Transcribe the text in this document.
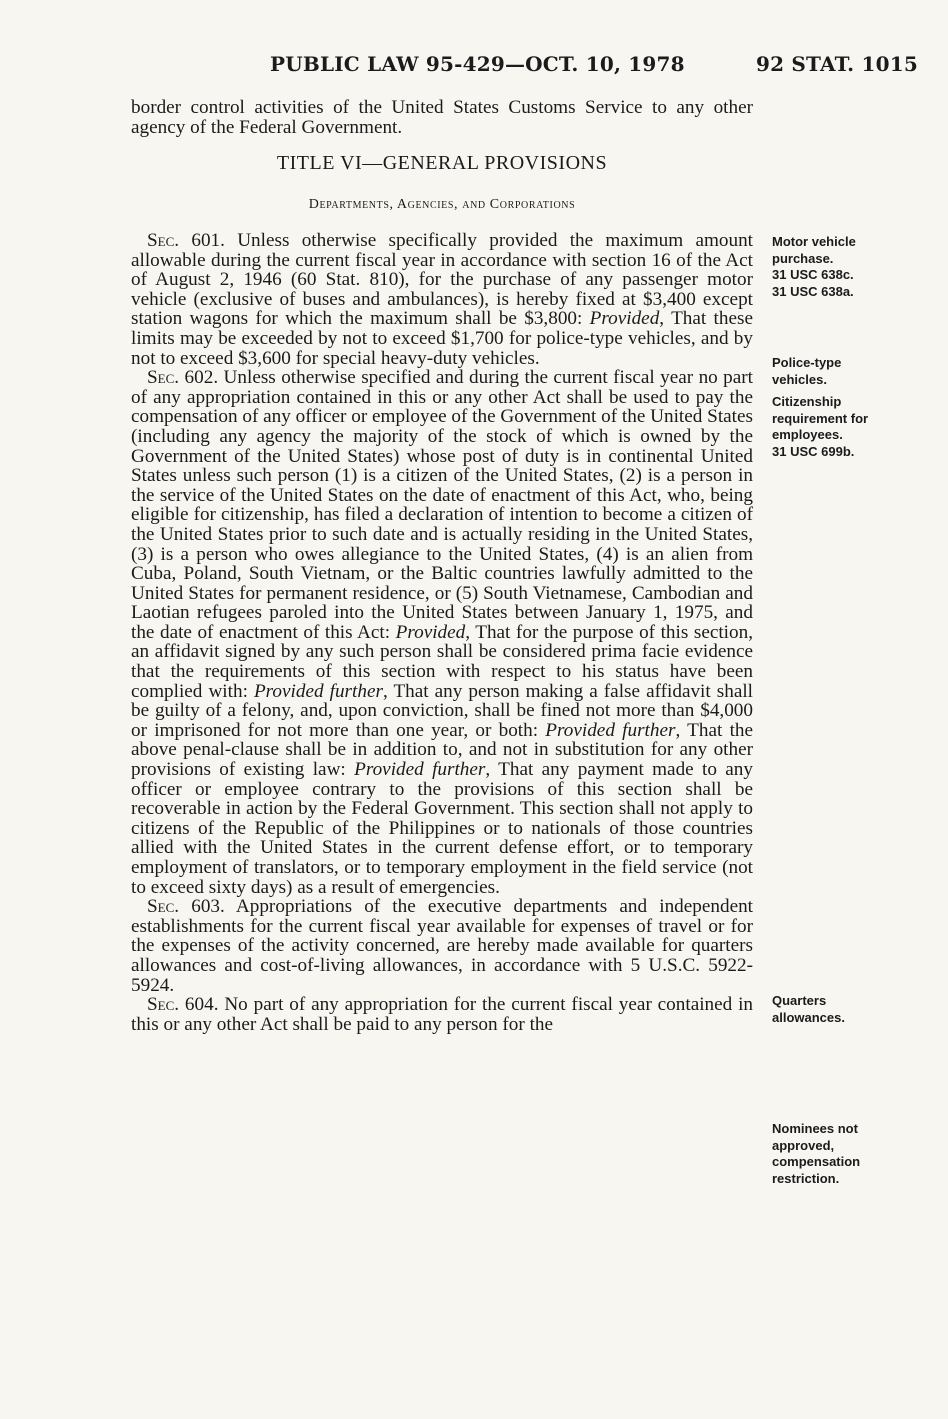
PUBLIC LAW 95-429—OCT. 10, 1978	92 STAT. 1015

border control activities of the United States Customs Service to any other agency of the Federal Government.

TITLE VI—GENERAL PROVISIONS
Departments, Agencies, and Corporations

Sec. 601. Unless otherwise specifically provided the maximum amount allowable during the current fiscal year in accordance with section 16 of the Act of August 2, 1946 (60 Stat. 810), for the purchase of any passenger motor vehicle (exclusive of buses and ambulances), is hereby fixed at $3,400 except station wagons for which the maximum shall be $3,800: Provided, That these limits may be exceeded by not to exceed $1,700 for police-type vehicles, and by not to exceed $3,600 for special heavy-duty vehicles.

Sec. 602. Unless otherwise specified and during the current fiscal year no part of any appropriation contained in this or any other Act shall be used to pay the compensation of any officer or employee of the Government of the United States (including any agency the majority of the stock of which is owned by the Government of the United States) whose post of duty is in continental United States unless such person (1) is a citizen of the United States, (2) is a person in the service of the United States on the date of enactment of this Act, who, being eligible for citizenship, has filed a declaration of intention to become a citizen of the United States prior to such date and is actually residing in the United States, (3) is a person who owes allegiance to the United States, (4) is an alien from Cuba, Poland, South Vietnam, or the Baltic countries lawfully admitted to the United States for permanent residence, or (5) South Vietnamese, Cambodian and Laotian refugees paroled into the United States between January 1, 1975, and the date of enactment of this Act: Provided, That for the purpose of this section, an affidavit signed by any such person shall be considered prima facie evidence that the requirements of this section with respect to his status have been complied with: Provided further, That any person making a false affidavit shall be guilty of a felony, and, upon conviction, shall be fined not more than $4,000 or imprisoned for not more than one year, or both: Provided further, That the above penal-clause shall be in addition to, and not in substitution for any other provisions of existing law: Provided further, That any payment made to any officer or employee contrary to the provisions of this section shall be recoverable in action by the Federal Government. This section shall not apply to citizens of the Republic of the Philippines or to nationals of those countries allied with the United States in the current defense effort, or to temporary employment of translators, or to temporary employment in the field service (not to exceed sixty days) as a result of emergencies.

Sec. 603. Appropriations of the executive departments and independent establishments for the current fiscal year available for expenses of travel or for the expenses of the activity concerned, are hereby made available for quarters allowances and cost-of-living allowances, in accordance with 5 U.S.C. 5922-5924.

Sec. 604. No part of any appropriation for the current fiscal year contained in this or any other Act shall be paid to any person for the

Motor vehicle
purchase.
31 USC 638c.
31 USC 638a.
Police-type
vehicles.
Citizenship
requirement for
employees.
31 USC 699b.
Quarters
allowances.
Nominees not
approved,
compensation
restriction.
